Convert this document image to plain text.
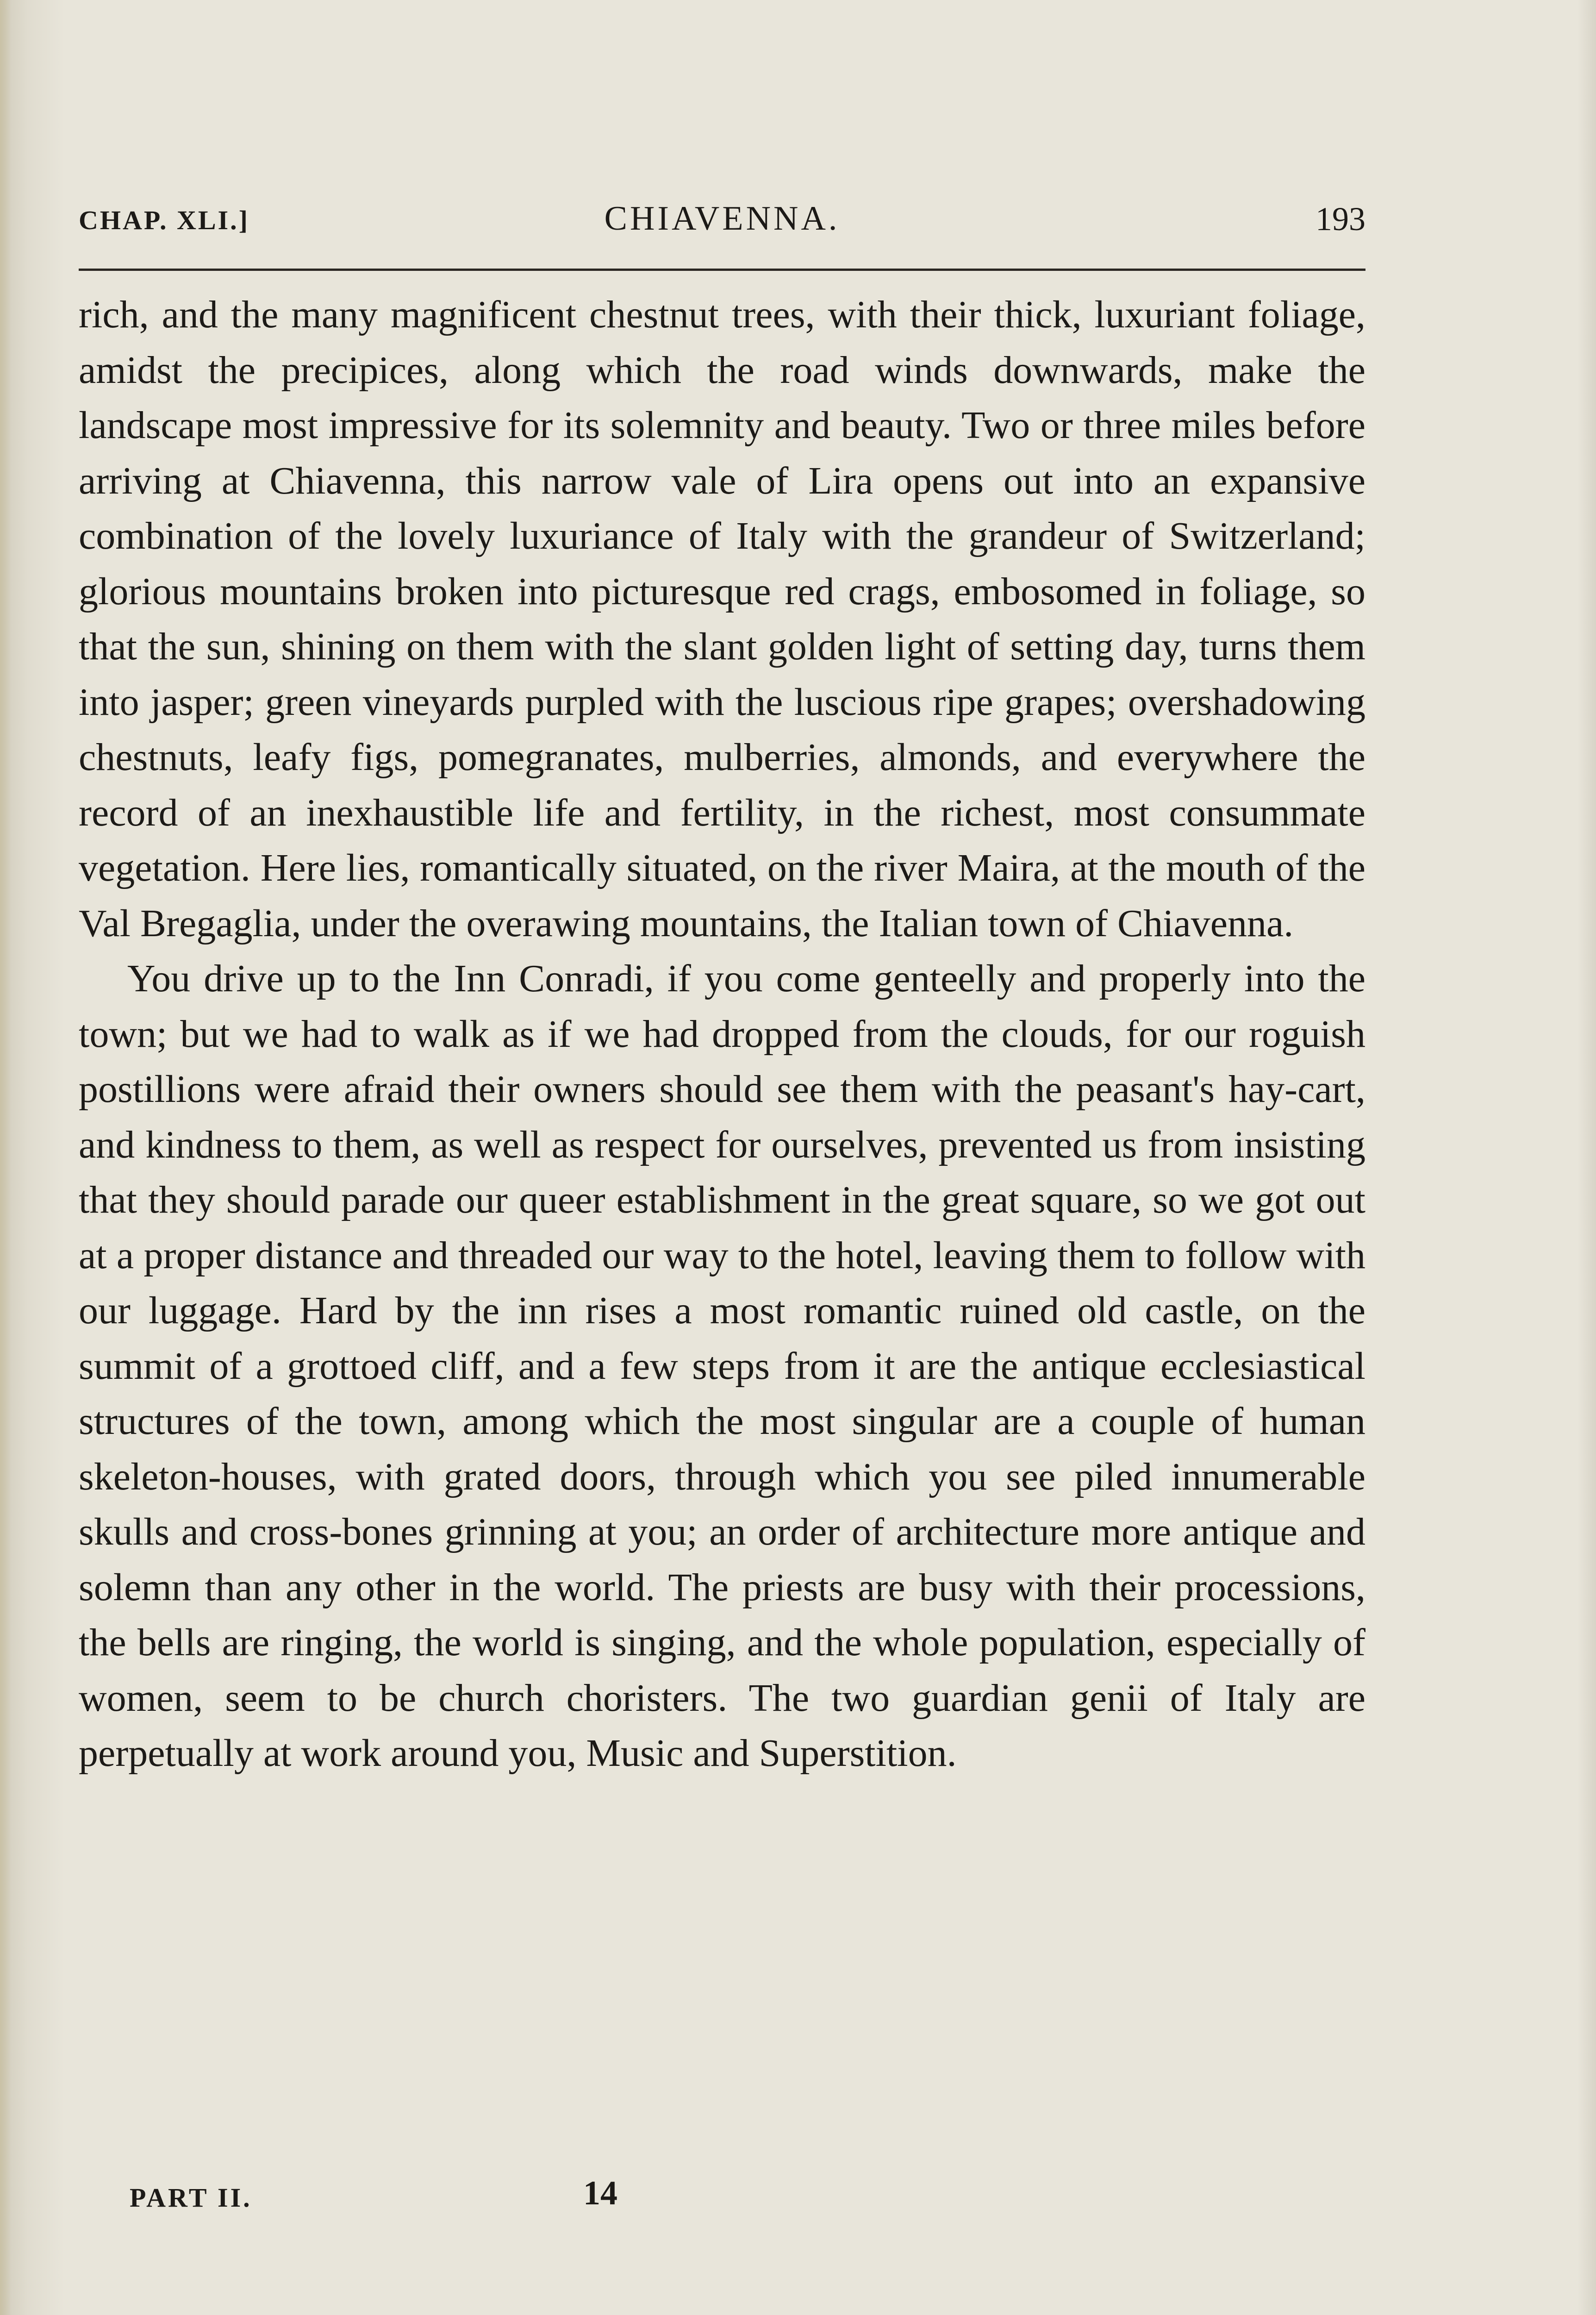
CHAP. XLI.]	CHIAVENNA.	193

rich, and the many magnificent chestnut trees, with their thick, luxuriant foliage, amidst the precipices, along which the road winds downwards, make the landscape most impressive for its solemnity and beauty. Two or three miles before arriving at Chiavenna, this narrow vale of Lira opens out into an expansive combination of the lovely luxuriance of Italy with the grandeur of Switzerland; glorious mountains broken into picturesque red crags, embosomed in foliage, so that the sun, shining on them with the slant golden light of setting day, turns them into jasper; green vineyards purpled with the luscious ripe grapes; overshadowing chestnuts, leafy figs, pomegranates, mulberries, almonds, and everywhere the record of an inexhaustible life and fertility, in the richest, most consummate vegetation. Here lies, romantically situated, on the river Maira, at the mouth of the Val Bregaglia, under the overawing mountains, the Italian town of Chiavenna.

You drive up to the Inn Conradi, if you come genteelly and properly into the town; but we had to walk as if we had dropped from the clouds, for our roguish postillions were afraid their owners should see them with the peasant's hay-cart, and kindness to them, as well as respect for ourselves, prevented us from insisting that they should parade our queer establishment in the great square, so we got out at a proper distance and threaded our way to the hotel, leaving them to follow with our luggage. Hard by the inn rises a most romantic ruined old castle, on the summit of a grottoed cliff, and a few steps from it are the antique ecclesiastical structures of the town, among which the most singular are a couple of human skeleton-houses, with grated doors, through which you see piled innumerable skulls and cross-bones grinning at you; an order of architecture more antique and solemn than any other in the world. The priests are busy with their processions, the bells are ringing, the world is singing, and the whole population, especially of women, seem to be church choristers. The two guardian genii of Italy are perpetually at work around you, Music and Superstition.

PART II.	14
